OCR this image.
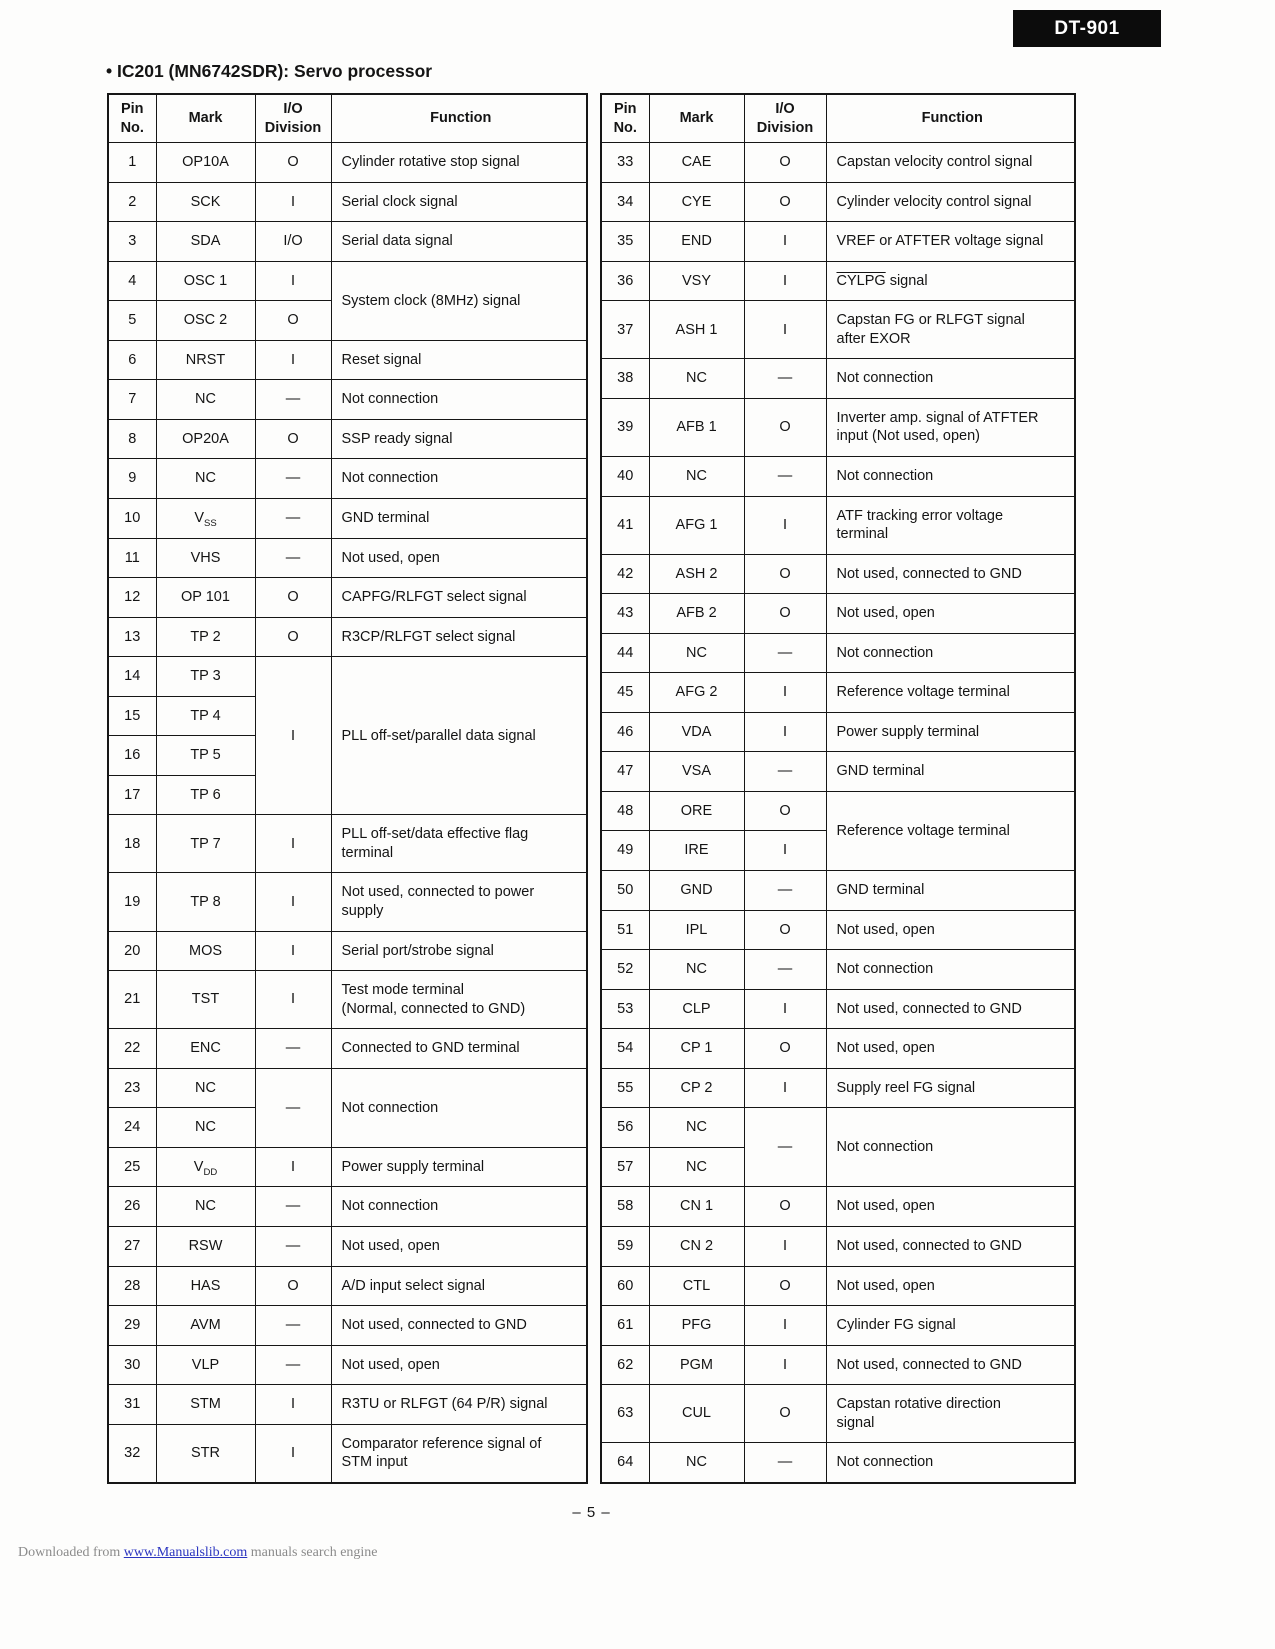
DT-901
• IC201 (MN6742SDR): Servo processor
Pin
No.	Mark	I/O
Division	Function
1	OP10A	O	Cylinder rotative stop signal
2	SCK	I	Serial clock signal
3	SDA	I/O	Serial data signal
4	OSC 1	I	System clock (8MHz) signal
5	OSC 2	O	
6	NRST	I	Reset signal
7	NC	—	Not connection
8	OP20A	O	SSP ready signal
9	NC	—	Not connection
10	$V_{SS}$	—	GND terminal
11	VHS	—	Not used, open
12	OP 101	O	CAPFG/RLFGT select signal
13	TP 2	O	R3CP/RLFGT select signal
14	TP 3	I	PLL off-set/parallel data signal
15	TP 4		
16	TP 5		
17	TP 6		
18	TP 7	I	PLL off-set/data effective flag
terminal
19	TP 8	I	Not used, connected to power
supply
20	MOS	I	Serial port/strobe signal
21	TST	I	Test mode terminal
(Normal, connected to GND)
22	ENC	—	Connected to GND terminal
23	NC	—	Not connection
24	NC		
25	$V_{DD}$	I	Power supply terminal
26	NC	—	Not connection
27	RSW	—	Not used, open
28	HAS	O	A/D input select signal
29	AVM	—	Not used, connected to GND
30	VLP	—	Not used, open
31	STM	I	R3TU or RLFGT (64 P/R) signal
32	STR	I	Comparator reference signal of
STM input
Pin
No.	Mark	I/O
Division	Function
33	CAE	O	Capstan velocity control signal
34	CYE	O	Cylinder velocity control signal
35	END	I	VREF or ATFTER voltage signal
36	VSY	I	CYLPG signal
37	ASH 1	I	Capstan FG or RLFGT signal
after EXOR
38	NC	—	Not connection
39	AFB 1	O	Inverter amp. signal of ATFTER
input (Not used, open)
40	NC	—	Not connection
41	AFG 1	I	ATF tracking error voltage
terminal
42	ASH 2	O	Not used, connected to GND
43	AFB 2	O	Not used, open
44	NC	—	Not connection
45	AFG 2	I	Reference voltage terminal
46	VDA	I	Power supply terminal
47	VSA	—	GND terminal
48	ORE	O	Reference voltage terminal
49	IRE	I	
50	GND	—	GND terminal
51	IPL	O	Not used, open
52	NC	—	Not connection
53	CLP	I	Not used, connected to GND
54	CP 1	O	Not used, open
55	CP 2	I	Supply reel FG signal
56	NC	—	Not connection
57	NC		
58	CN 1	O	Not used, open
59	CN 2	I	Not used, connected to GND
60	CTL	O	Not used, open
61	PFG	I	Cylinder FG signal
62	PGM	I	Not used, connected to GND
63	CUL	O	Capstan rotative direction
signal
64	NC	—	Not connection
– 5 –
Downloaded from www.Manualslib.com manuals search engine
